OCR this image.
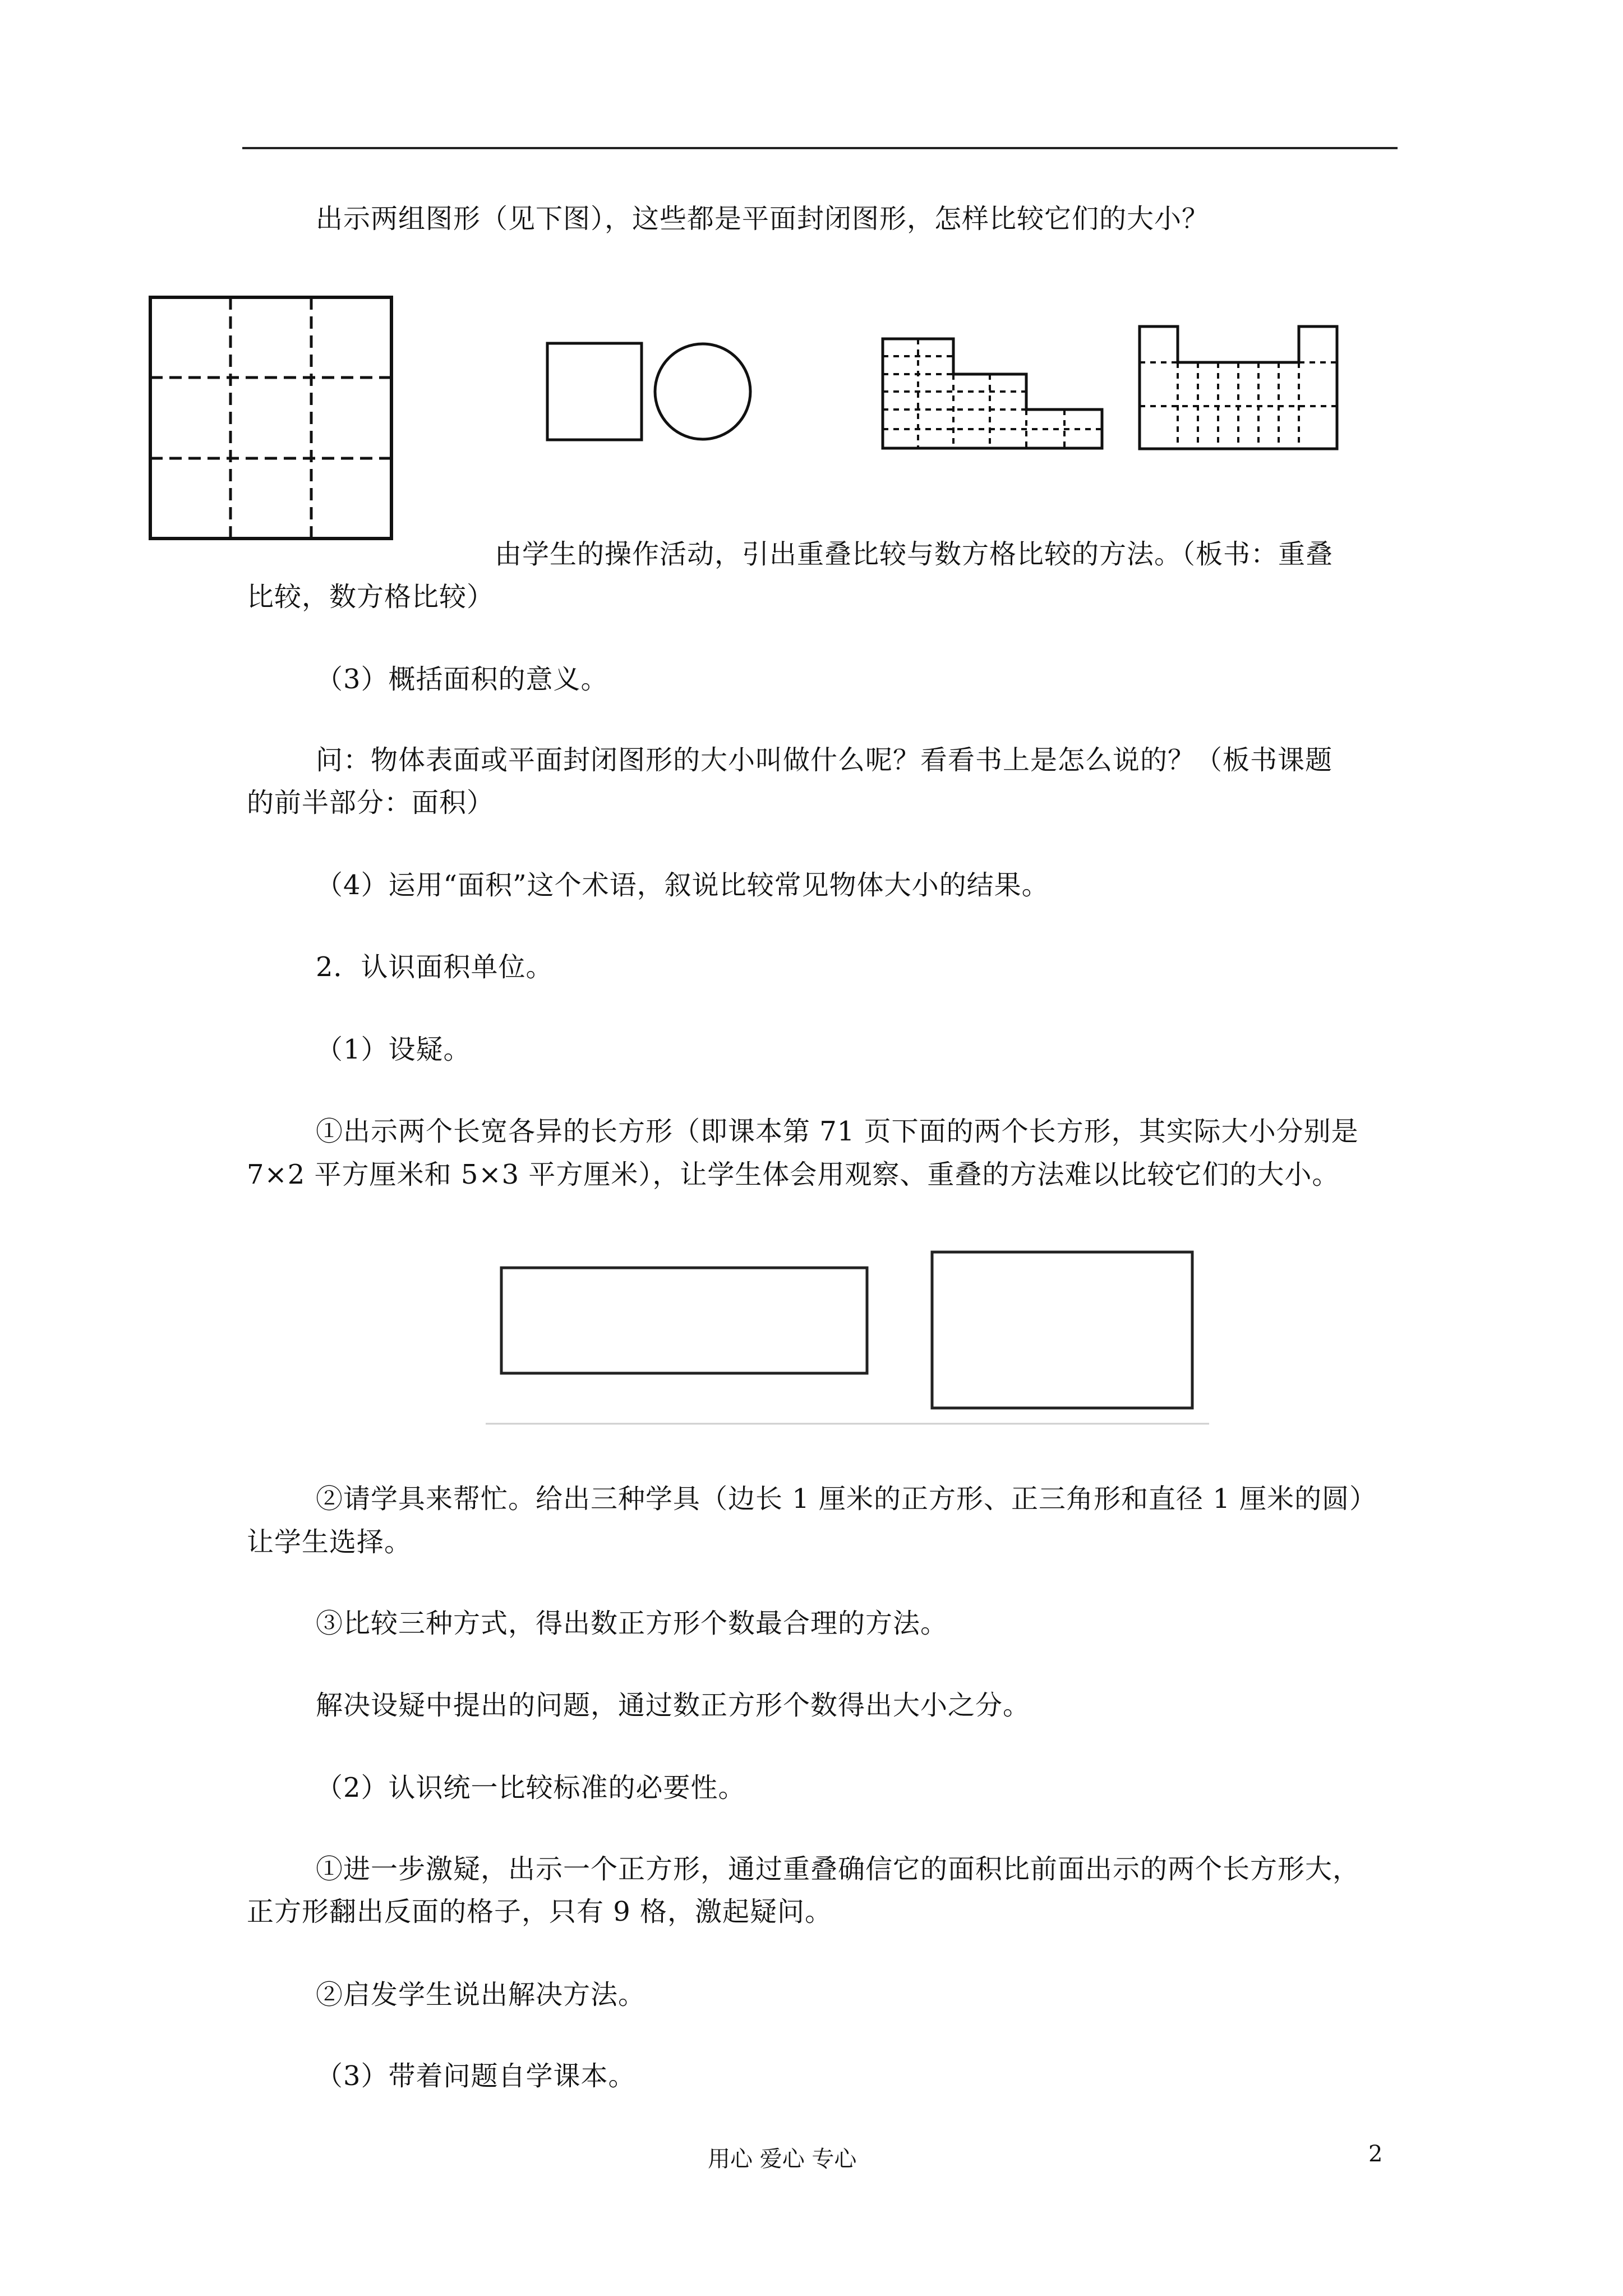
出示两组图形（见下图），这些都是平面封闭图形，怎样比较它们的大小？
由学生的操作活动，引出重叠比较与数方格比较的方法。（板书：重叠
比较，数方格比较）
（3）概括面积的意义。
问：物体表面或平面封闭图形的大小叫做什么呢？看看书上是怎么说的？（板书课题
的前半部分：面积）
（4）运用“面积”这个术语，叙说比较常见物体大小的结果。
2．认识面积单位。
（1）设疑。
①出示两个长宽各异的长方形（即课本第 71 页下面的两个长方形，其实际大小分别是
7×2 平方厘米和 5×3 平方厘米），让学生体会用观察、重叠的方法难以比较它们的大小。
②请学具来帮忙。给出三种学具（边长 1 厘米的正方形、正三角形和直径 1 厘米的圆）
让学生选择。
③比较三种方式，得出数正方形个数最合理的方法。
解决设疑中提出的问题，通过数正方形个数得出大小之分。
（2）认识统一比较标准的必要性。
①进一步激疑，出示一个正方形，通过重叠确信它的面积比前面出示的两个长方形大，
正方形翻出反面的格子，只有 9 格，激起疑问。
②启发学生说出解决方法。
（3）带着问题自学课本。
用心 爱心 专心	2
